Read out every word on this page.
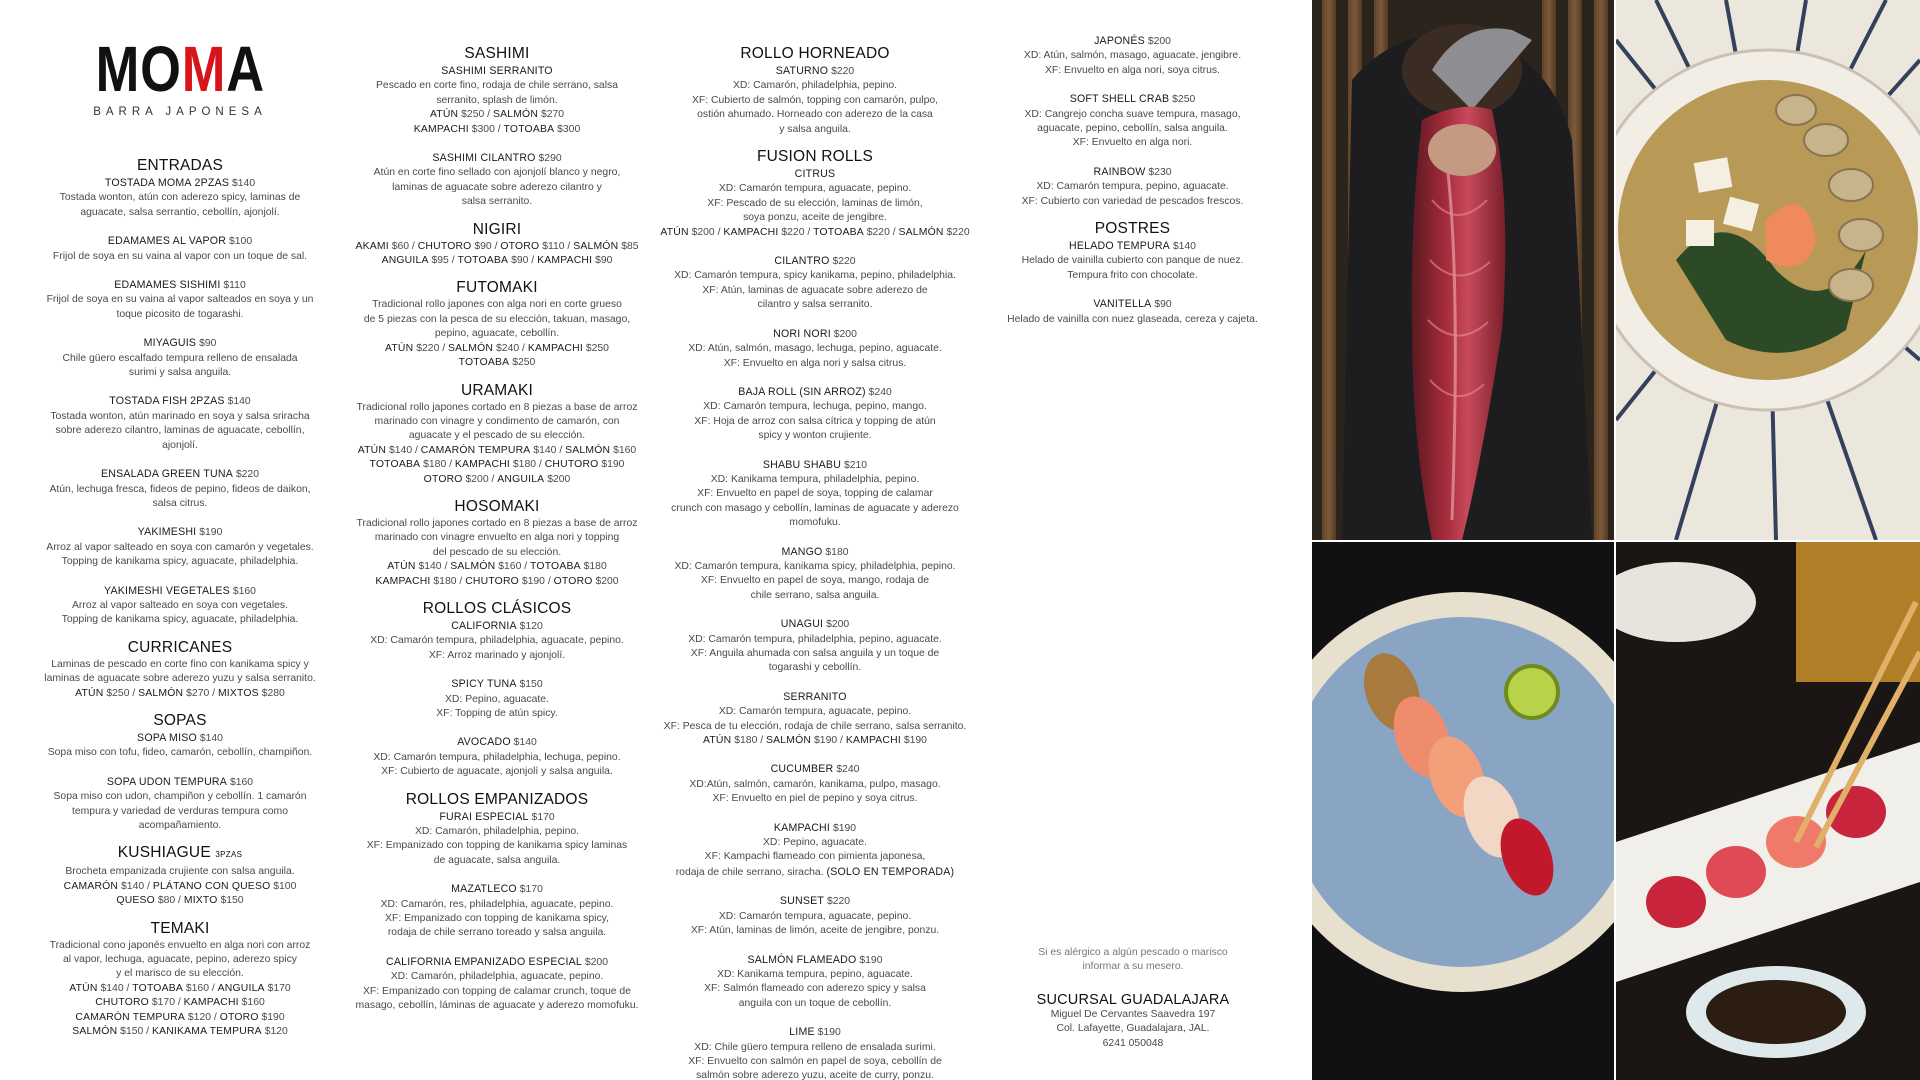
MOMA
BARRA JAPONESA
ENTRADAS
TOSTADA MOMA 2PZAS $140
Tostada wonton, atún con aderezo spicy, laminas de
aguacate, salsa serrantio, cebollín, ajonjolí.
EDAMAMES AL VAPOR $100
Frijol de soya en su vaina al vapor con un toque de sal.
EDAMAMES SISHIMI $110
Frijol de soya en su vaina al vapor salteados en soya y un
toque picosito de togarashi.
MIYAGUIS $90
Chile güero escalfado tempura relleno de ensalada
surimi y salsa anguila.
TOSTADA FISH 2PZAS $140
Tostada wonton, atún marinado en soya y salsa sriracha
sobre aderezo cilantro, laminas de aguacate, cebollín,
ajonjolí.
ENSALADA GREEN TUNA $220
Atún, lechuga fresca, fideos de pepino, fideos de daikon,
salsa citrus.
YAKIMESHI $190
Arroz al vapor salteado en soya con camarón y vegetales.
Topping de kanikama spicy, aguacate, philadelphia.
YAKIMESHI VEGETALES $160
Arroz al vapor salteado en soya con vegetales.
Topping de kanikama spicy, aguacate, philadelphia.
CURRICANES
Laminas de pescado en corte fino con kanikama spicy y
laminas de aguacate sobre aderezo yuzu y salsa serranito.
ATÚN $250 / SALMÓN $270 / MIXTOS $280
SOPAS
SOPA MISO $140
Sopa miso con tofu, fideo, camarón, cebollín, champiñon.
SOPA UDON TEMPURA $160
Sopa miso con udon, champiñon y cebollín. 1 camarón
tempura y variedad de verduras tempura como
acompañamiento.
KUSHIAGUE 3PZAS
Brocheta empanizada crujiente con salsa anguila.
CAMARÓN $140 / PLÁTANO CON QUESO $100
QUESO $80 / MIXTO $150
TEMAKI
Tradicional cono japonés envuelto en alga nori con arroz
al vapor, lechuga, aguacate, pepino, aderezo spicy
y el marisco de su elección.
ATÚN $140 / TOTOABA $160 / ANGUILA $170
CHUTORO $170 / KAMPACHI $160
CAMARÓN TEMPURA $120 / OTORO $190
SALMÓN $150 / KANIKAMA TEMPURA $120
SASHIMI
SASHIMI SERRANITO
Pescado en corte fino, rodaja de chile serrano, salsa
serranito, splash de limón.
ATÚN $250 / SALMÓN $270
KAMPACHI $300 / TOTOABA $300
SASHIMI CILANTRO $290
Atún en corte fino sellado con ajonjolí blanco y negro,
laminas de aguacate sobre aderezo cilantro y
salsa serranito.
NIGIRI
AKAMI $60 / CHUTORO $90 / OTORO $110 / SALMÓN $85
ANGUILA $95 / TOTOABA $90 / KAMPACHI $90
FUTOMAKI
Tradicional rollo japones con alga nori en corte grueso
de 5 piezas con la pesca de su elección, takuan, masago,
pepino, aguacate, cebollín.
ATÚN $220 / SALMÓN $240 / KAMPACHI $250
TOTOABA $250
URAMAKI
Tradicional rollo japones cortado en 8 piezas a base de arroz
marinado con vinagre y condimento de camarón, con
aguacate y el pescado de su elección.
ATÚN $140 / CAMARÓN TEMPURA $140 / SALMÓN $160
TOTOABA $180 / KAMPACHI $180 / CHUTORO $190
OTORO $200 / ANGUILA $200
HOSOMAKI
Tradicional rollo japones cortado en 8 piezas a base de arroz
marinado con vinagre envuelto en alga nori y topping
del pescado de su elección.
ATÚN $140 / SALMÓN $160 / TOTOABA $180
KAMPACHI $180 / CHUTORO $190 / OTORO $200
ROLLOS CLÁSICOS
CALIFORNIA $120
XD: Camarón tempura, philadelphia, aguacate, pepino.
XF: Arroz marinado y ajonjolí.
SPICY TUNA $150
XD: Pepino, aguacate.
XF: Topping de atún spicy.
AVOCADO $140
XD: Camarón tempura, philadelphia, lechuga, pepino.
XF: Cubierto de aguacate, ajonjolí y salsa anguila.
ROLLOS EMPANIZADOS
FURAI ESPECIAL $170
XD: Camarón, philadelphia, pepino.
XF: Empanizado con topping de kanikama spicy laminas
de aguacate, salsa anguila.
MAZATLECO $170
XD: Camarón, res, philadelphia, aguacate, pepino.
XF: Empanizado con topping de kanikama spicy,
rodaja de chile serrano toreado y salsa anguila.
CALIFORNIA EMPANIZADO ESPECIAL $200
XD: Camarón, philadelphia, aguacate, pepino.
XF: Empanizado con topping de calamar crunch, toque de
masago, cebollín, láminas de aguacate y aderezo momofuku.
ROLLO HORNEADO
SATURNO $220
XD: Camarón, philadelphia, pepino.
XF: Cubierto de salmón, topping con camarón, pulpo,
ostión ahumado. Horneado con aderezo de la casa
y salsa anguila.
FUSION ROLLS
CITRUS
XD: Camarón tempura, aguacate, pepino.
XF: Pescado de su elección, laminas de limón,
soya ponzu, aceite de jengibre.
ATÚN $200 / KAMPACHI $220 / TOTOABA $220 / SALMÓN $220
CILANTRO $220
XD: Camarón tempura, spicy kanikama, pepino, philadelphia.
XF: Atún, laminas de aguacate sobre aderezo de
cilantro y salsa serranito.
NORI NORI $200
XD: Atún, salmón, masago, lechuga, pepino, aguacate.
XF: Envuelto en alga nori y salsa citrus.
BAJA ROLL (SIN ARROZ) $240
XD: Camarón tempura, lechuga, pepino, mango.
XF: Hoja de arroz con salsa cítrica y topping de atún
spicy y wonton crujiente.
SHABU SHABU $210
XD: Kanikama tempura, philadelphia, pepino.
XF: Envuelto en papel de soya, topping de calamar
crunch con masago y cebollín, laminas de aguacate y aderezo
momofuku.
MANGO $180
XD: Camarón tempura, kanikama spicy, philadelphia, pepino.
XF: Envuelto en papel de soya, mango, rodaja de
chile serrano, salsa anguila.
UNAGUI $200
XD: Camarón tempura, philadelphia, pepino, aguacate.
XF: Anguila ahumada con salsa anguila y un toque de
togarashi y cebollín.
SERRANITO
XD: Camarón tempura, aguacate, pepino.
XF: Pesca de tu elección, rodaja de chile serrano, salsa serranito.
ATÚN $180 / SALMÓN $190 / KAMPACHI $190
CUCUMBER $240
XD:Atún, salmón, camarón, kanikama, pulpo, masago.
XF: Envuelto en piel de pepino y soya citrus.
KAMPACHI $190
XD: Pepino, aguacate.
XF: Kampachi flameado con pimienta japonesa,
rodaja de chile serrano, siracha. (SOLO EN TEMPORADA)
SUNSET $220
XD: Camarón tempura, aguacate, pepino.
XF: Atún, laminas de limón, aceite de jengibre, ponzu.
SALMÓN FLAMEADO $190
XD: Kanikama tempura, pepino, aguacate.
XF: Salmón flameado con aderezo spicy y salsa
anguila con un toque de cebollín.
LIME $190
XD: Chile güero tempura relleno de ensalada surimi.
XF: Envuelto con salmón en papel de soya, cebollín de
salmón sobre aderezo yuzu, aceite de curry, ponzu.
JAPONÉS $200
XD: Atún, salmón, masago, aguacate, jengibre.
XF: Envuelto en alga nori, soya citrus.
SOFT SHELL CRAB $250
XD: Cangrejo concha suave tempura, masago,
aguacate, pepino, cebollín, salsa anguila.
XF: Envuelto en alga nori.
RAINBOW $230
XD: Camarón tempura, pepino, aguacate.
XF: Cubierto con variedad de pescados frescos.
POSTRES
HELADO TEMPURA $140
Helado de vainilla cubierto con panque de nuez.
Tempura frito con chocolate.
VANITELLA $90
Helado de vainilla con nuez glaseada, cereza y cajeta.
Si es alérgico a algún pescado o marisco
informar a su mesero.
SUCURSAL GUADALAJARA
Miguel De Cervantes Saavedra 197
Col. Lafayette, Guadalajara, JAL.
6241 050048
